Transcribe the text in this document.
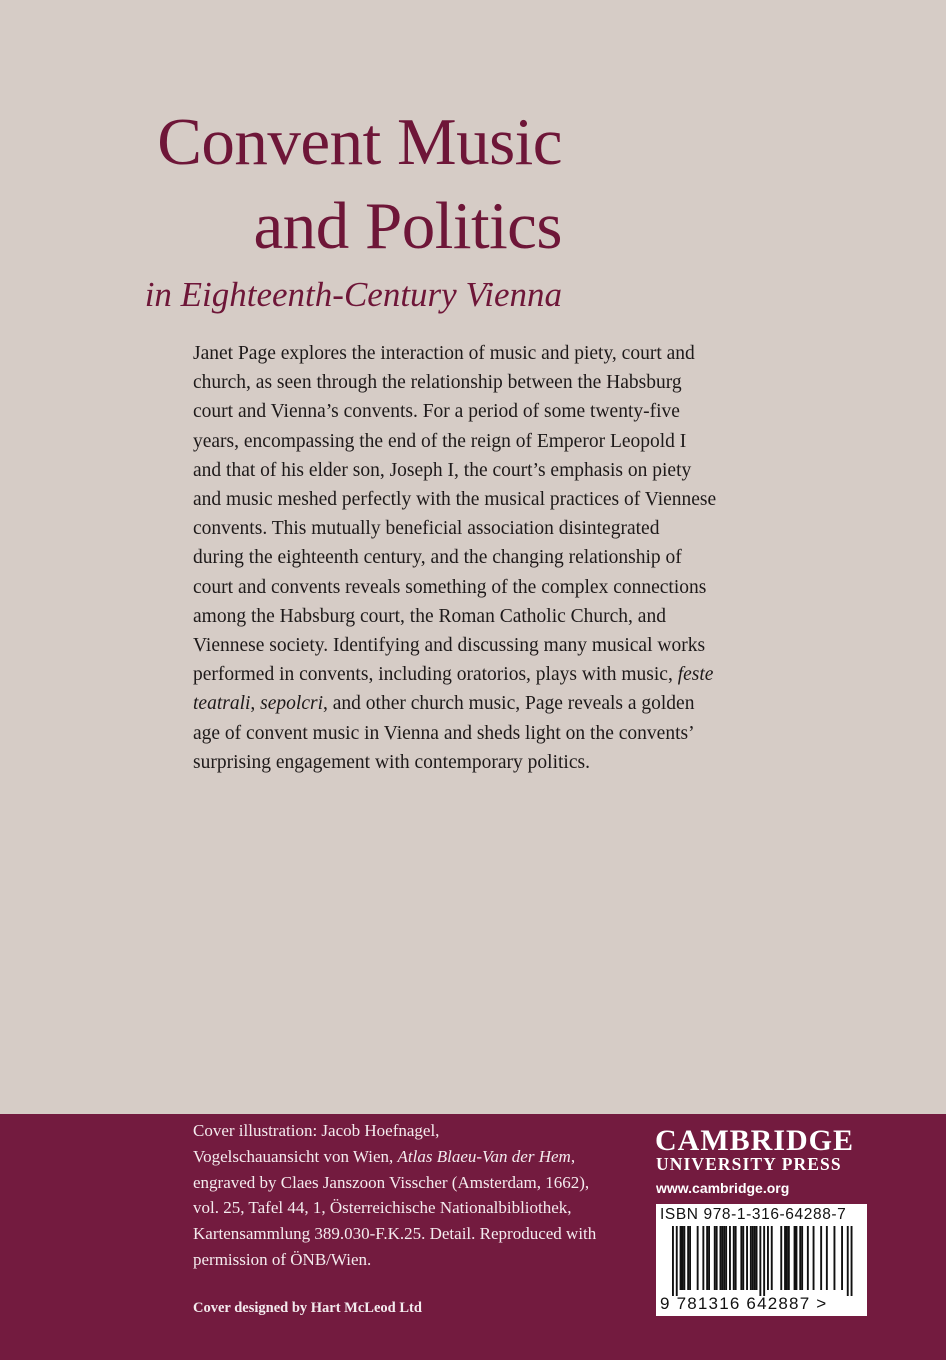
Convent Music
and Politics
in Eighteenth-Century Vienna

Janet Page explores the interaction of music and piety, court and

church, as seen through the relationship between the Habsburg

court and Vienna’s convents. For a period of some twenty-five

years, encompassing the end of the reign of Emperor Leopold I

and that of his elder son, Joseph I, the court’s emphasis on piety

and music meshed perfectly with the musical practices of Viennese

convents. This mutually beneficial association disintegrated

during the eighteenth century, and the changing relationship of

court and convents reveals something of the complex connections

among the Habsburg court, the Roman Catholic Church, and

Viennese society. Identifying and discussing many musical works

performed in convents, including oratorios, plays with music, feste

teatrali, sepolcri, and other church music, Page reveals a golden

age of convent music in Vienna and sheds light on the convents’

surprising engagement with contemporary politics.

Cover illustration: Jacob Hoefnagel,

Vogelschauansicht von Wien, Atlas Blaeu-Van der Hem,

engraved by Claes Janszoon Visscher (Amsterdam, 1662),

vol. 25, Tafel 44, 1, Österreichische Nationalbibliothek,

Kartensammlung 389.030-F.K.25. Detail. Reproduced with

permission of ÖNB/Wien.

Cover designed by Hart McLeod Ltd
CAMBRIDGE
UNIVERSITY PRESS
www.cambridge.org
ISBN 978-1-316-64288-7
9 781316 642887 >
